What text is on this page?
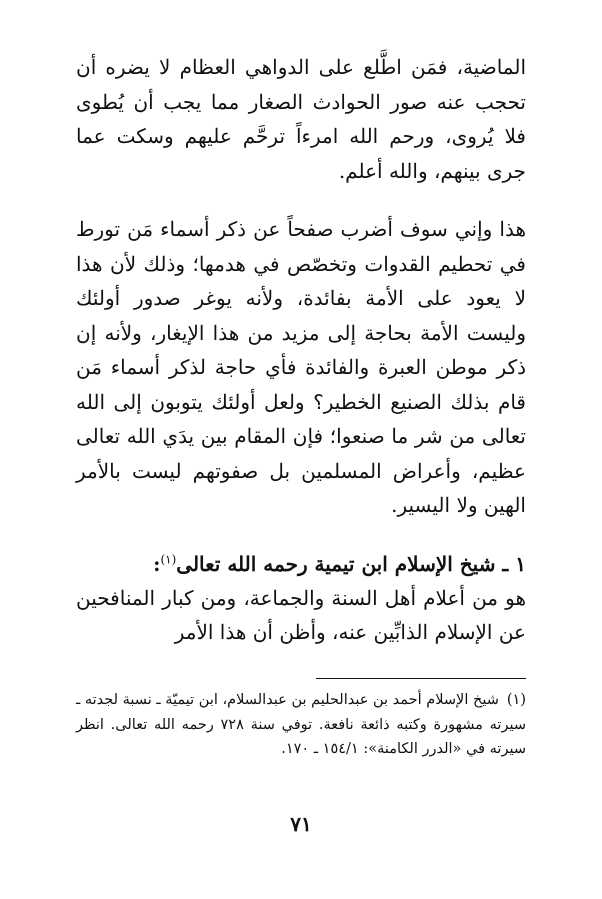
الماضية، فمَن اطَّلع على الدواهي العظام لا يضره أن تحجب عنه صور الحوادث الصغار مما يجب أن يُطوى فلا يُروى، ورحم الله امرءاً ترحَّم عليهم وسكت عما جرى بينهم، والله أعلم.

هذا وإني سوف أضرب صفحاً عن ذكر أسماء مَن تورط في تحطيم القدوات وتخصّص في هدمها؛ وذلك لأن هذا لا يعود على الأمة بفائدة، ولأنه يوغر صدور أولئك وليست الأمة بحاجة إلى مزيد من هذا الإيغار، ولأنه إن ذكر موطن العبرة والفائدة فأي حاجة لذكر أسماء مَن قام بذلك الصنيع الخطير؟ ولعل أولئك يتوبون إلى الله تعالى من شر ما صنعوا؛ فإن المقام بين يدَي الله تعالى عظيم، وأعراض المسلمين بل صفوتهم ليست بالأمر الهين ولا اليسير.

١ ـ شيخ الإسلام ابن تيمية رحمه الله تعالى$^{(١)}$:

هو من أعلام أهل السنة والجماعة، ومن كبار المنافحين عن الإسلام الذابِّين عنه، وأظن أن هذا الأمر

(١)شيخ الإسلام أحمد بن عبدالحليم بن عبدالسلام، ابن تيميّة ـ نسبة لجدته ـ سيرته مشهورة وكتبه ذائعة نافعة. توفي سنة ٧٢٨ رحمه الله تعالى. انظر سيرته في «الدرر الكامنة»: ١٥٤/١ ـ ١٧٠.

٧١
